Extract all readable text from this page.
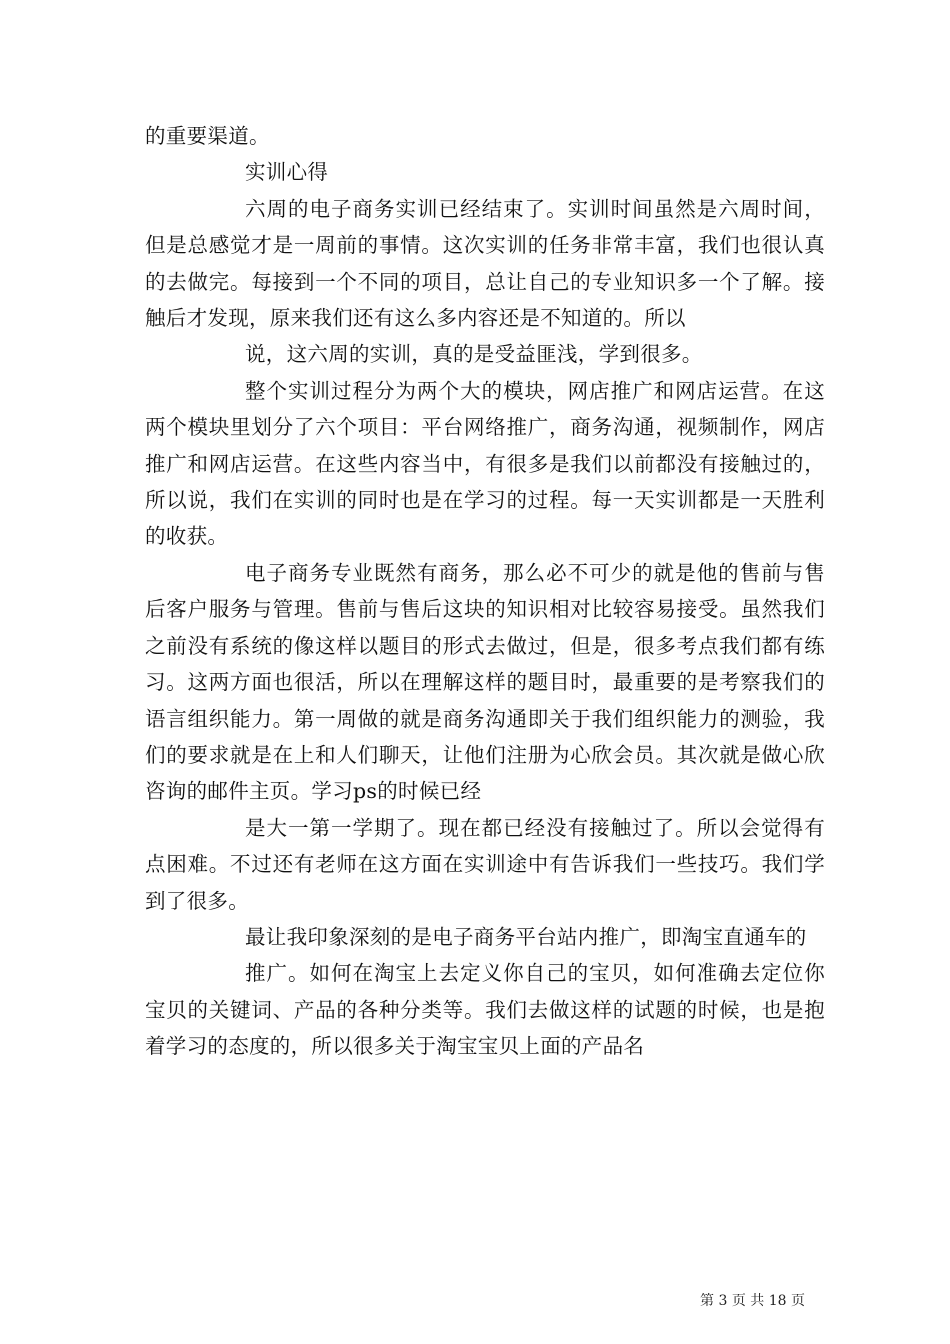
的重要渠道。

实训心得

六周的电子商务实训已经结束了。实训时间虽然是六周时间，但是总感觉才是一周前的事情。这次实训的任务非常丰富，我们也很认真的去做完。每接到一个不同的项目，总让自己的专业知识多一个了解。接触后才发现，原来我们还有这么多内容还是不知道的。所以

说，这六周的实训，真的是受益匪浅，学到很多。

整个实训过程分为两个大的模块，网店推广和网店运营。在这两个模块里划分了六个项目：平台网络推广，商务沟通，视频制作，网店推广和网店运营。在这些内容当中，有很多是我们以前都没有接触过的，所以说，我们在实训的同时也是在学习的过程。每一天实训都是一天胜利的收获。

电子商务专业既然有商务，那么必不可少的就是他的售前与售后客户服务与管理。售前与售后这块的知识相对比较容易接受。虽然我们之前没有系统的像这样以题目的形式去做过，但是，很多考点我们都有练习。这两方面也很活，所以在理解这样的题目时，最重要的是考察我们的语言组织能力。第一周做的就是商务沟通即关于我们组织能力的测验，我们的要求就是在上和人们聊天，让他们注册为心欣会员。其次就是做心欣咨询的邮件主页。学习ps的时候已经

是大一第一学期了。现在都已经没有接触过了。所以会觉得有点困难。不过还有老师在这方面在实训途中有告诉我们一些技巧。我们学到了很多。

最让我印象深刻的是电子商务平台站内推广，即淘宝直通车的

推广。如何在淘宝上去定义你自己的宝贝，如何准确去定位你宝贝的关键词、产品的各种分类等。我们去做这样的试题的时候，也是抱着学习的态度的，所以很多关于淘宝宝贝上面的产品名

第 3 页 共 18 页
